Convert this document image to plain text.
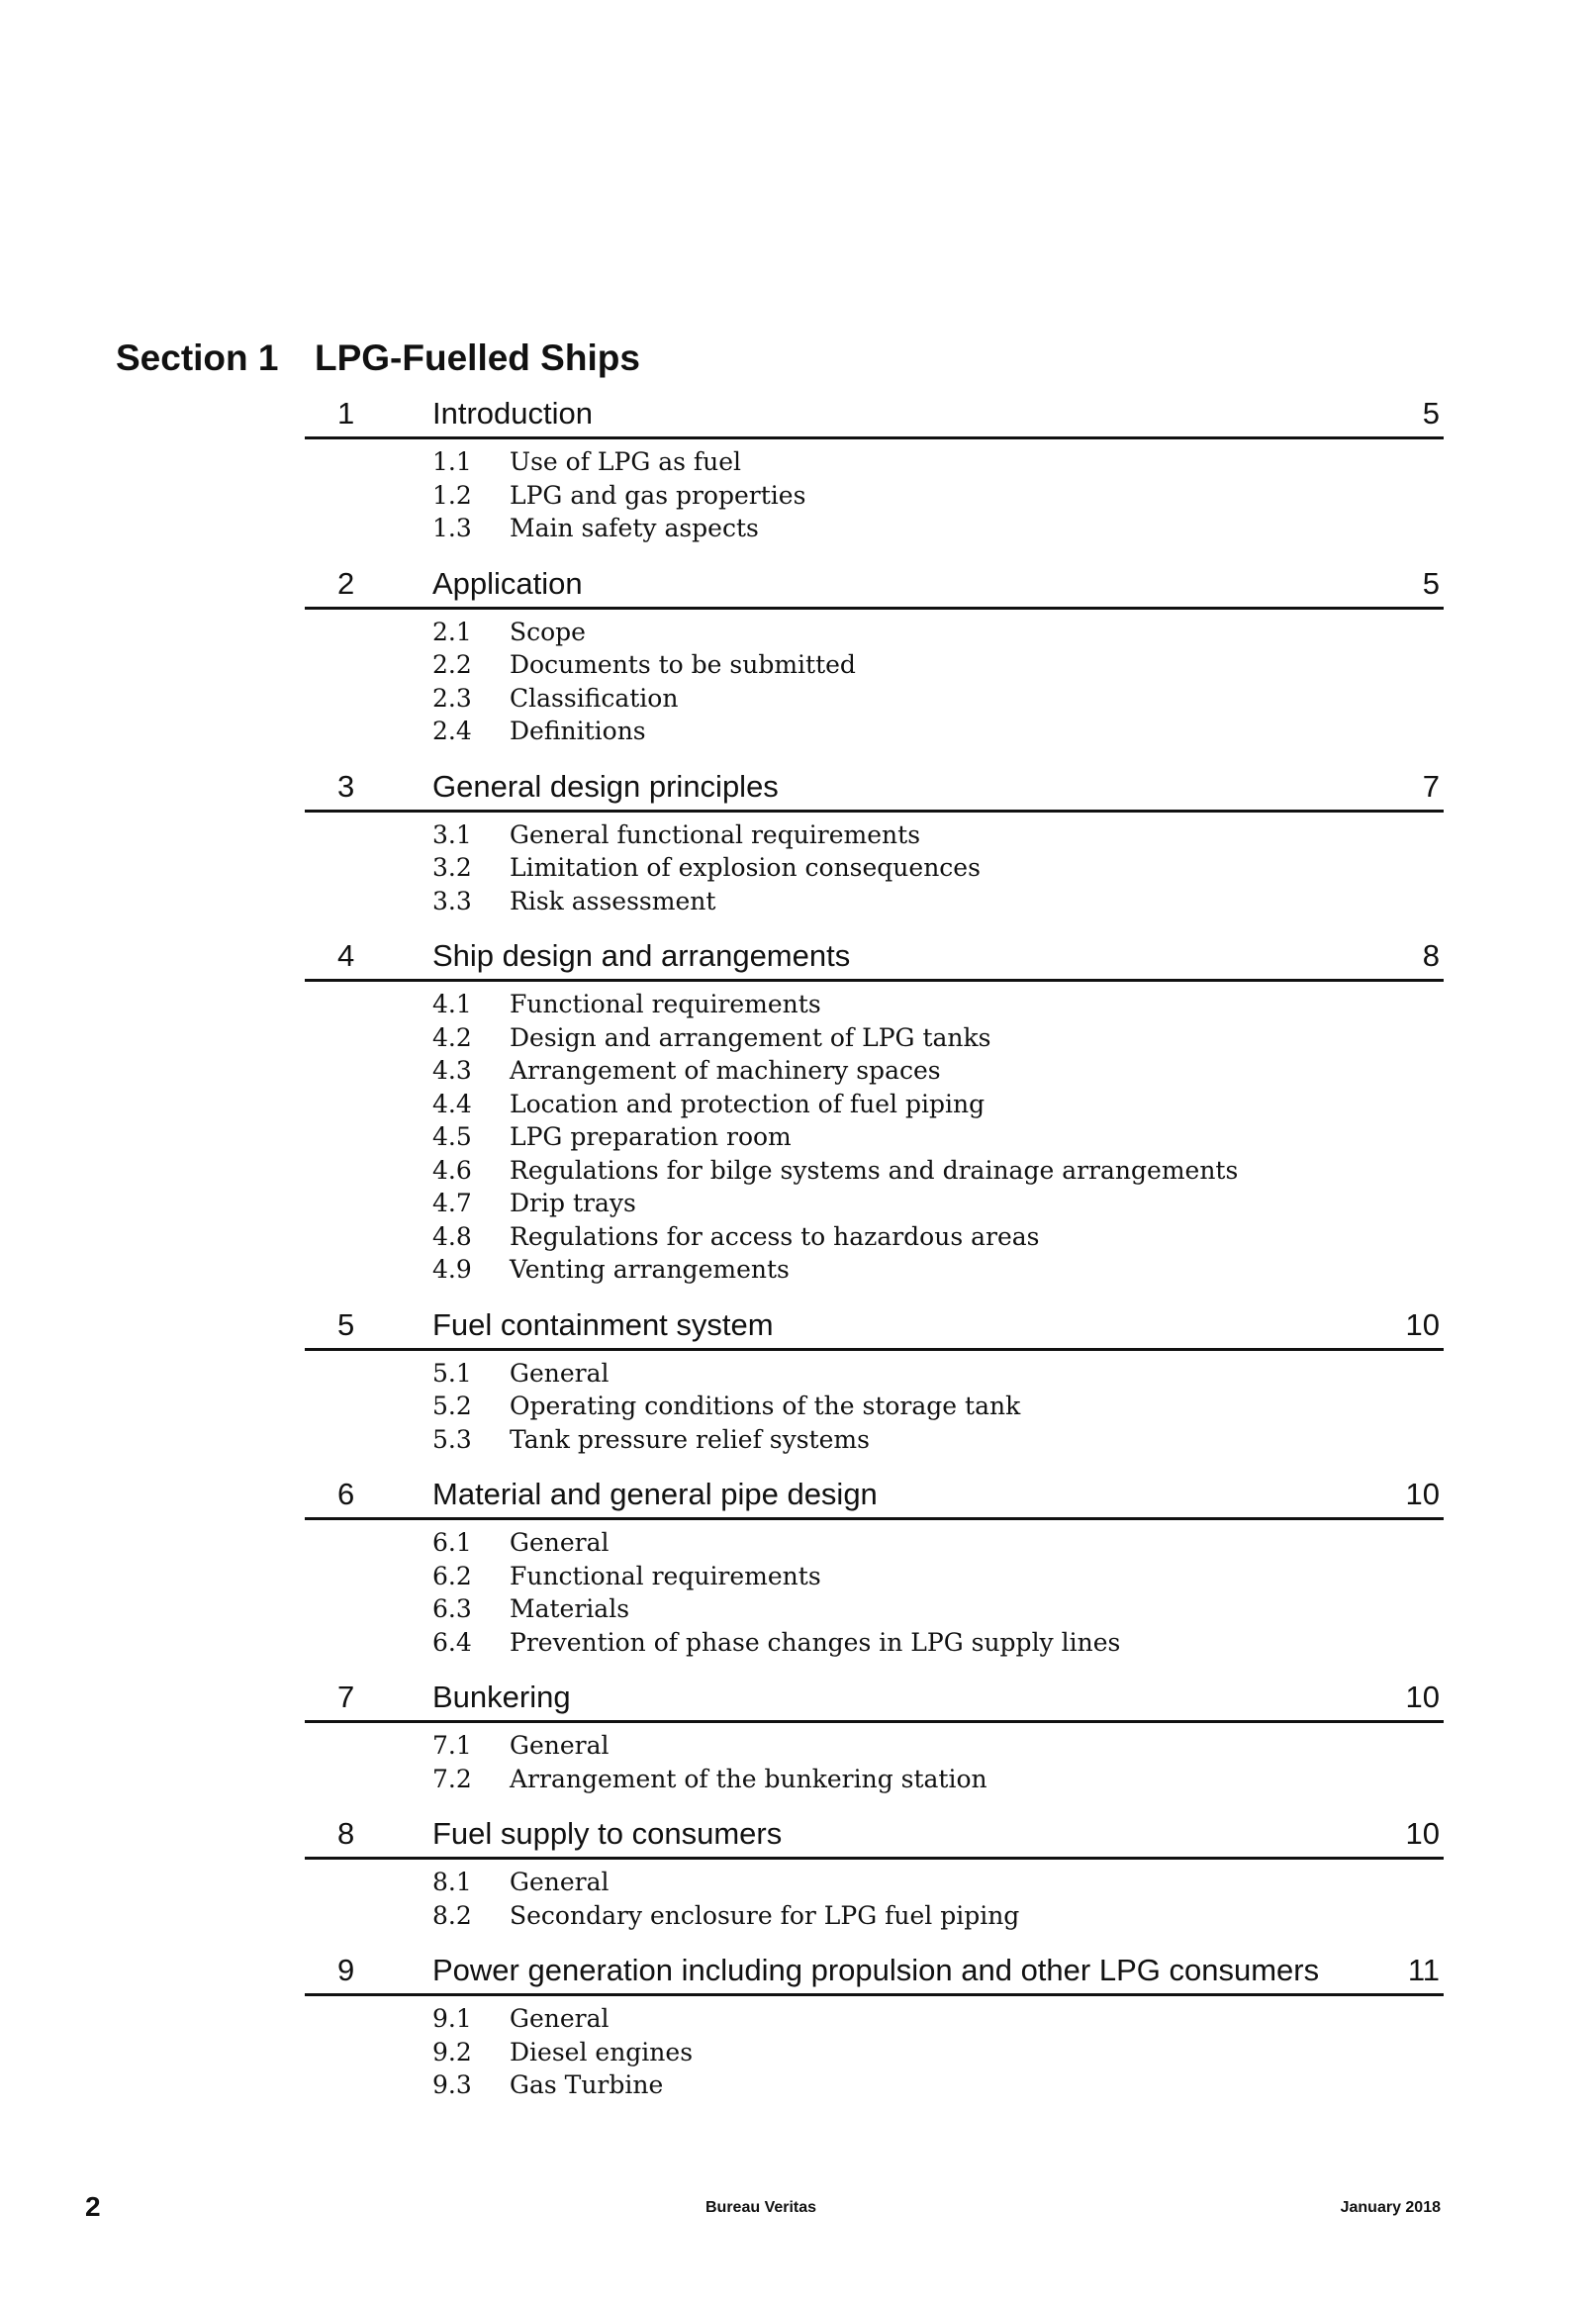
Section 1 LPG-Fuelled Ships
1	Introduction	5
1.1 Use of LPG as fuel
1.2 LPG and gas properties
1.3 Main safety aspects
2	Application	5
2.1 Scope
2.2 Documents to be submitted
2.3 Classification
2.4 Definitions
3	General design principles	7
3.1 General functional requirements
3.2 Limitation of explosion consequences
3.3 Risk assessment
4	Ship design and arrangements	8
4.1 Functional requirements
4.2 Design and arrangement of LPG tanks
4.3 Arrangement of machinery spaces
4.4 Location and protection of fuel piping
4.5 LPG preparation room
4.6 Regulations for bilge systems and drainage arrangements
4.7 Drip trays
4.8 Regulations for access to hazardous areas
4.9 Venting arrangements
5	Fuel containment system	10
5.1 General
5.2 Operating conditions of the storage tank
5.3 Tank pressure relief systems
6	Material and general pipe design	10
6.1 General
6.2 Functional requirements
6.3 Materials
6.4 Prevention of phase changes in LPG supply lines
7	Bunkering	10
7.1 General
7.2 Arrangement of the bunkering station
8	Fuel supply to consumers	10
8.1 General
8.2 Secondary enclosure for LPG fuel piping
9	Power generation including propulsion and other LPG consumers	11
9.1 General
9.2 Diesel engines
9.3 Gas Turbine
2	Bureau Veritas	January 2018
